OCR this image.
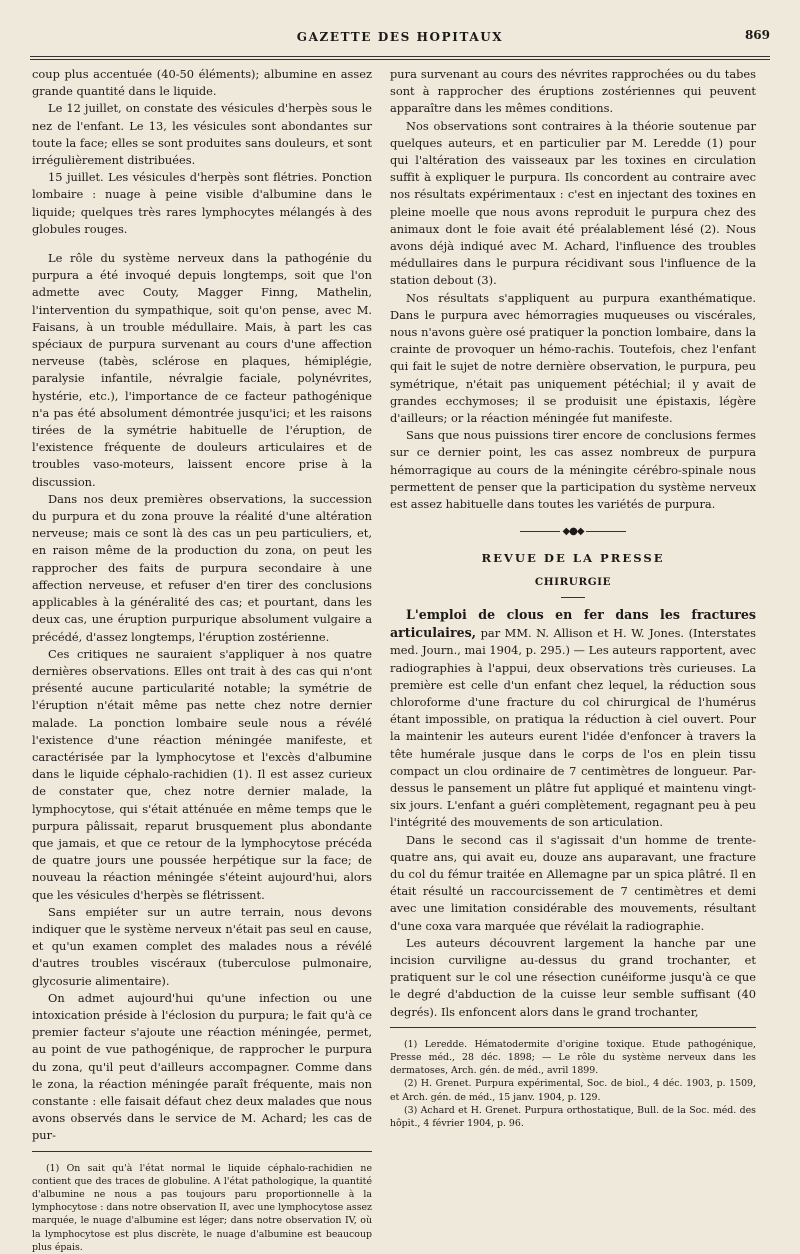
GAZETTE DES HOPITAUX	869

coup plus accentuée (40-50 éléments); albumine en assez grande quantité dans le liquide.

Le 12 juillet, on constate des vésicules d'herpès sous le nez de l'enfant. Le 13, les vésicules sont abondantes sur toute la face; elles se sont produites sans douleurs, et sont irrégulièrement distribuées.

15 juillet. Les vésicules d'herpès sont flétries. Ponction lombaire : nuage à peine visible d'albumine dans le liquide; quelques très rares lymphocytes mélangés à des globules rouges.

Le rôle du système nerveux dans la pathogénie du purpura a été invoqué depuis longtemps, soit que l'on admette avec Couty, Magger Finng, Mathelin, l'intervention du sympathique, soit qu'on pense, avec M. Faisans, à un trouble médullaire. Mais, à part les cas spéciaux de purpura survenant au cours d'une affection nerveuse (tabès, sclérose en plaques, hémiplégie, paralysie infantile, névralgie faciale, polynévrites, hystérie, etc.), l'importance de ce facteur pathogénique n'a pas été absolument démontrée jusqu'ici; et les raisons tirées de la symétrie habituelle de l'éruption, de l'existence fréquente de douleurs articulaires et de troubles vaso-moteurs, laissent encore prise à la discussion.

Dans nos deux premières observations, la succession du purpura et du zona prouve la réalité d'une altération nerveuse; mais ce sont là des cas un peu particuliers, et, en raison même de la production du zona, on peut les rapprocher des faits de purpura secondaire à une affection nerveuse, et refuser d'en tirer des conclusions applicables à la généralité des cas; et pourtant, dans les deux cas, une éruption purpurique absolument vulgaire a précédé, d'assez longtemps, l'éruption zostérienne.

Ces critiques ne sauraient s'appliquer à nos quatre dernières observations. Elles ont trait à des cas qui n'ont présenté aucune particularité notable; la symétrie de l'éruption n'était même pas nette chez notre dernier malade. La ponction lombaire seule nous a révélé l'existence d'une réaction méningée manifeste, et caractérisée par la lymphocytose et l'excès d'albumine dans le liquide céphalo-rachidien (1). Il est assez curieux de constater que, chez notre dernier malade, la lymphocytose, qui s'était atténuée en même temps que le purpura pâlissait, reparut brusquement plus abondante que jamais, et que ce retour de la lymphocytose précéda de quatre jours une poussée herpétique sur la face; de nouveau la réaction méningée s'éteint aujourd'hui, alors que les vésicules d'herpès se flétrissent.

Sans empiéter sur un autre terrain, nous devons indiquer que le système nerveux n'était pas seul en cause, et qu'un examen complet des malades nous a révélé d'autres troubles viscéraux (tuberculose pulmonaire, glycosurie alimentaire).

On admet aujourd'hui qu'une infection ou une intoxication préside à l'éclosion du purpura; le fait qu'à ce premier facteur s'ajoute une réaction méningée, permet, au point de vue pathogénique, de rapprocher le purpura du zona, qu'il peut d'ailleurs accompagner. Comme dans le zona, la réaction méningée paraît fréquente, mais non constante : elle faisait défaut chez deux malades que nous avons observés dans le service de M. Achard; les cas de pur-

(1) On sait qu'à l'état normal le liquide céphalo-rachidien ne contient que des traces de globuline. A l'état pathologique, la quantité d'albumine ne nous a pas toujours paru proportionnelle à la lymphocytose : dans notre observation II, avec une lymphocytose assez marquée, le nuage d'albumine est léger; dans notre observation IV, où la lymphocytose est plus discrète, le nuage d'albumine est beaucoup plus épais.

pura survenant au cours des névrites rapprochées ou du tabes sont à rapprocher des éruptions zostériennes qui peuvent apparaître dans les mêmes conditions.

Nos observations sont contraires à la théorie soutenue par quelques auteurs, et en particulier par M. Leredde (1) pour qui l'altération des vaisseaux par les toxines en circulation suffit à expliquer le purpura. Ils concordent au contraire avec nos résultats expérimentaux : c'est en injectant des toxines en pleine moelle que nous avons reproduit le purpura chez des animaux dont le foie avait été préalablement lésé (2). Nous avons déjà indiqué avec M. Achard, l'influence des troubles médullaires dans le purpura récidivant sous l'influence de la station debout (3).

Nos résultats s'appliquent au purpura exanthématique. Dans le purpura avec hémorragies muqueuses ou viscérales, nous n'avons guère osé pratiquer la ponction lombaire, dans la crainte de provoquer un hémo-rachis. Toutefois, chez l'enfant qui fait le sujet de notre dernière observation, le purpura, peu symétrique, n'était pas uniquement pétéchial; il y avait de grandes ecchymoses; il se produisit une épistaxis, légère d'ailleurs; or la réaction méningée fut manifeste.

Sans que nous puissions tirer encore de conclusions fermes sur ce dernier point, les cas assez nombreux de purpura hémorragique au cours de la méningite cérébro-spinale nous permettent de penser que la participation du système nerveux est assez habituelle dans toutes les variétés de purpura.

◆●◆
REVUE DE LA PRESSE
CHIRURGIE

L'emploi de clous en fer dans les fractures articulaires, par MM. N. Allison et H. W. Jones. (Interstates med. Journ., mai 1904, p. 295.) — Les auteurs rapportent, avec radiographies à l'appui, deux observations très curieuses. La première est celle d'un enfant chez lequel, la réduction sous chloroforme d'une fracture du col chirurgical de l'humérus étant impossible, on pratiqua la réduction à ciel ouvert. Pour la maintenir les auteurs eurent l'idée d'enfoncer à travers la tête humérale jusque dans le corps de l'os en plein tissu compact un clou ordinaire de 7 centimètres de longueur. Par-dessus le pansement un plâtre fut appliqué et maintenu vingt-six jours. L'enfant a guéri complètement, regagnant peu à peu l'intégrité des mouvements de son articulation.

Dans le second cas il s'agissait d'un homme de trente-quatre ans, qui avait eu, douze ans auparavant, une fracture du col du fémur traitée en Allemagne par un spica plâtré. Il en était résulté un raccourcissement de 7 centimètres et demi avec une limitation considérable des mouvements, résultant d'une coxa vara marquée que révélait la radiographie.

Les auteurs découvrent largement la hanche par une incision curviligne au-dessus du grand trochanter, et pratiquent sur le col une résection cunéiforme jusqu'à ce que le degré d'abduction de la cuisse leur semble suffisant (40 degrés). Ils enfoncent alors dans le grand trochanter,

(1) Leredde. Hématodermite d'origine toxique. Etude pathogénique, Presse méd., 28 déc. 1898; — Le rôle du système nerveux dans les dermatoses, Arch. gén. de méd., avril 1899.

(2) H. Grenet. Purpura expérimental, Soc. de biol., 4 déc. 1903, p. 1509, et Arch. gén. de méd., 15 janv. 1904, p. 129.

(3) Achard et H. Grenet. Purpura orthostatique, Bull. de la Soc. méd. des hôpit., 4 février 1904, p. 96.
